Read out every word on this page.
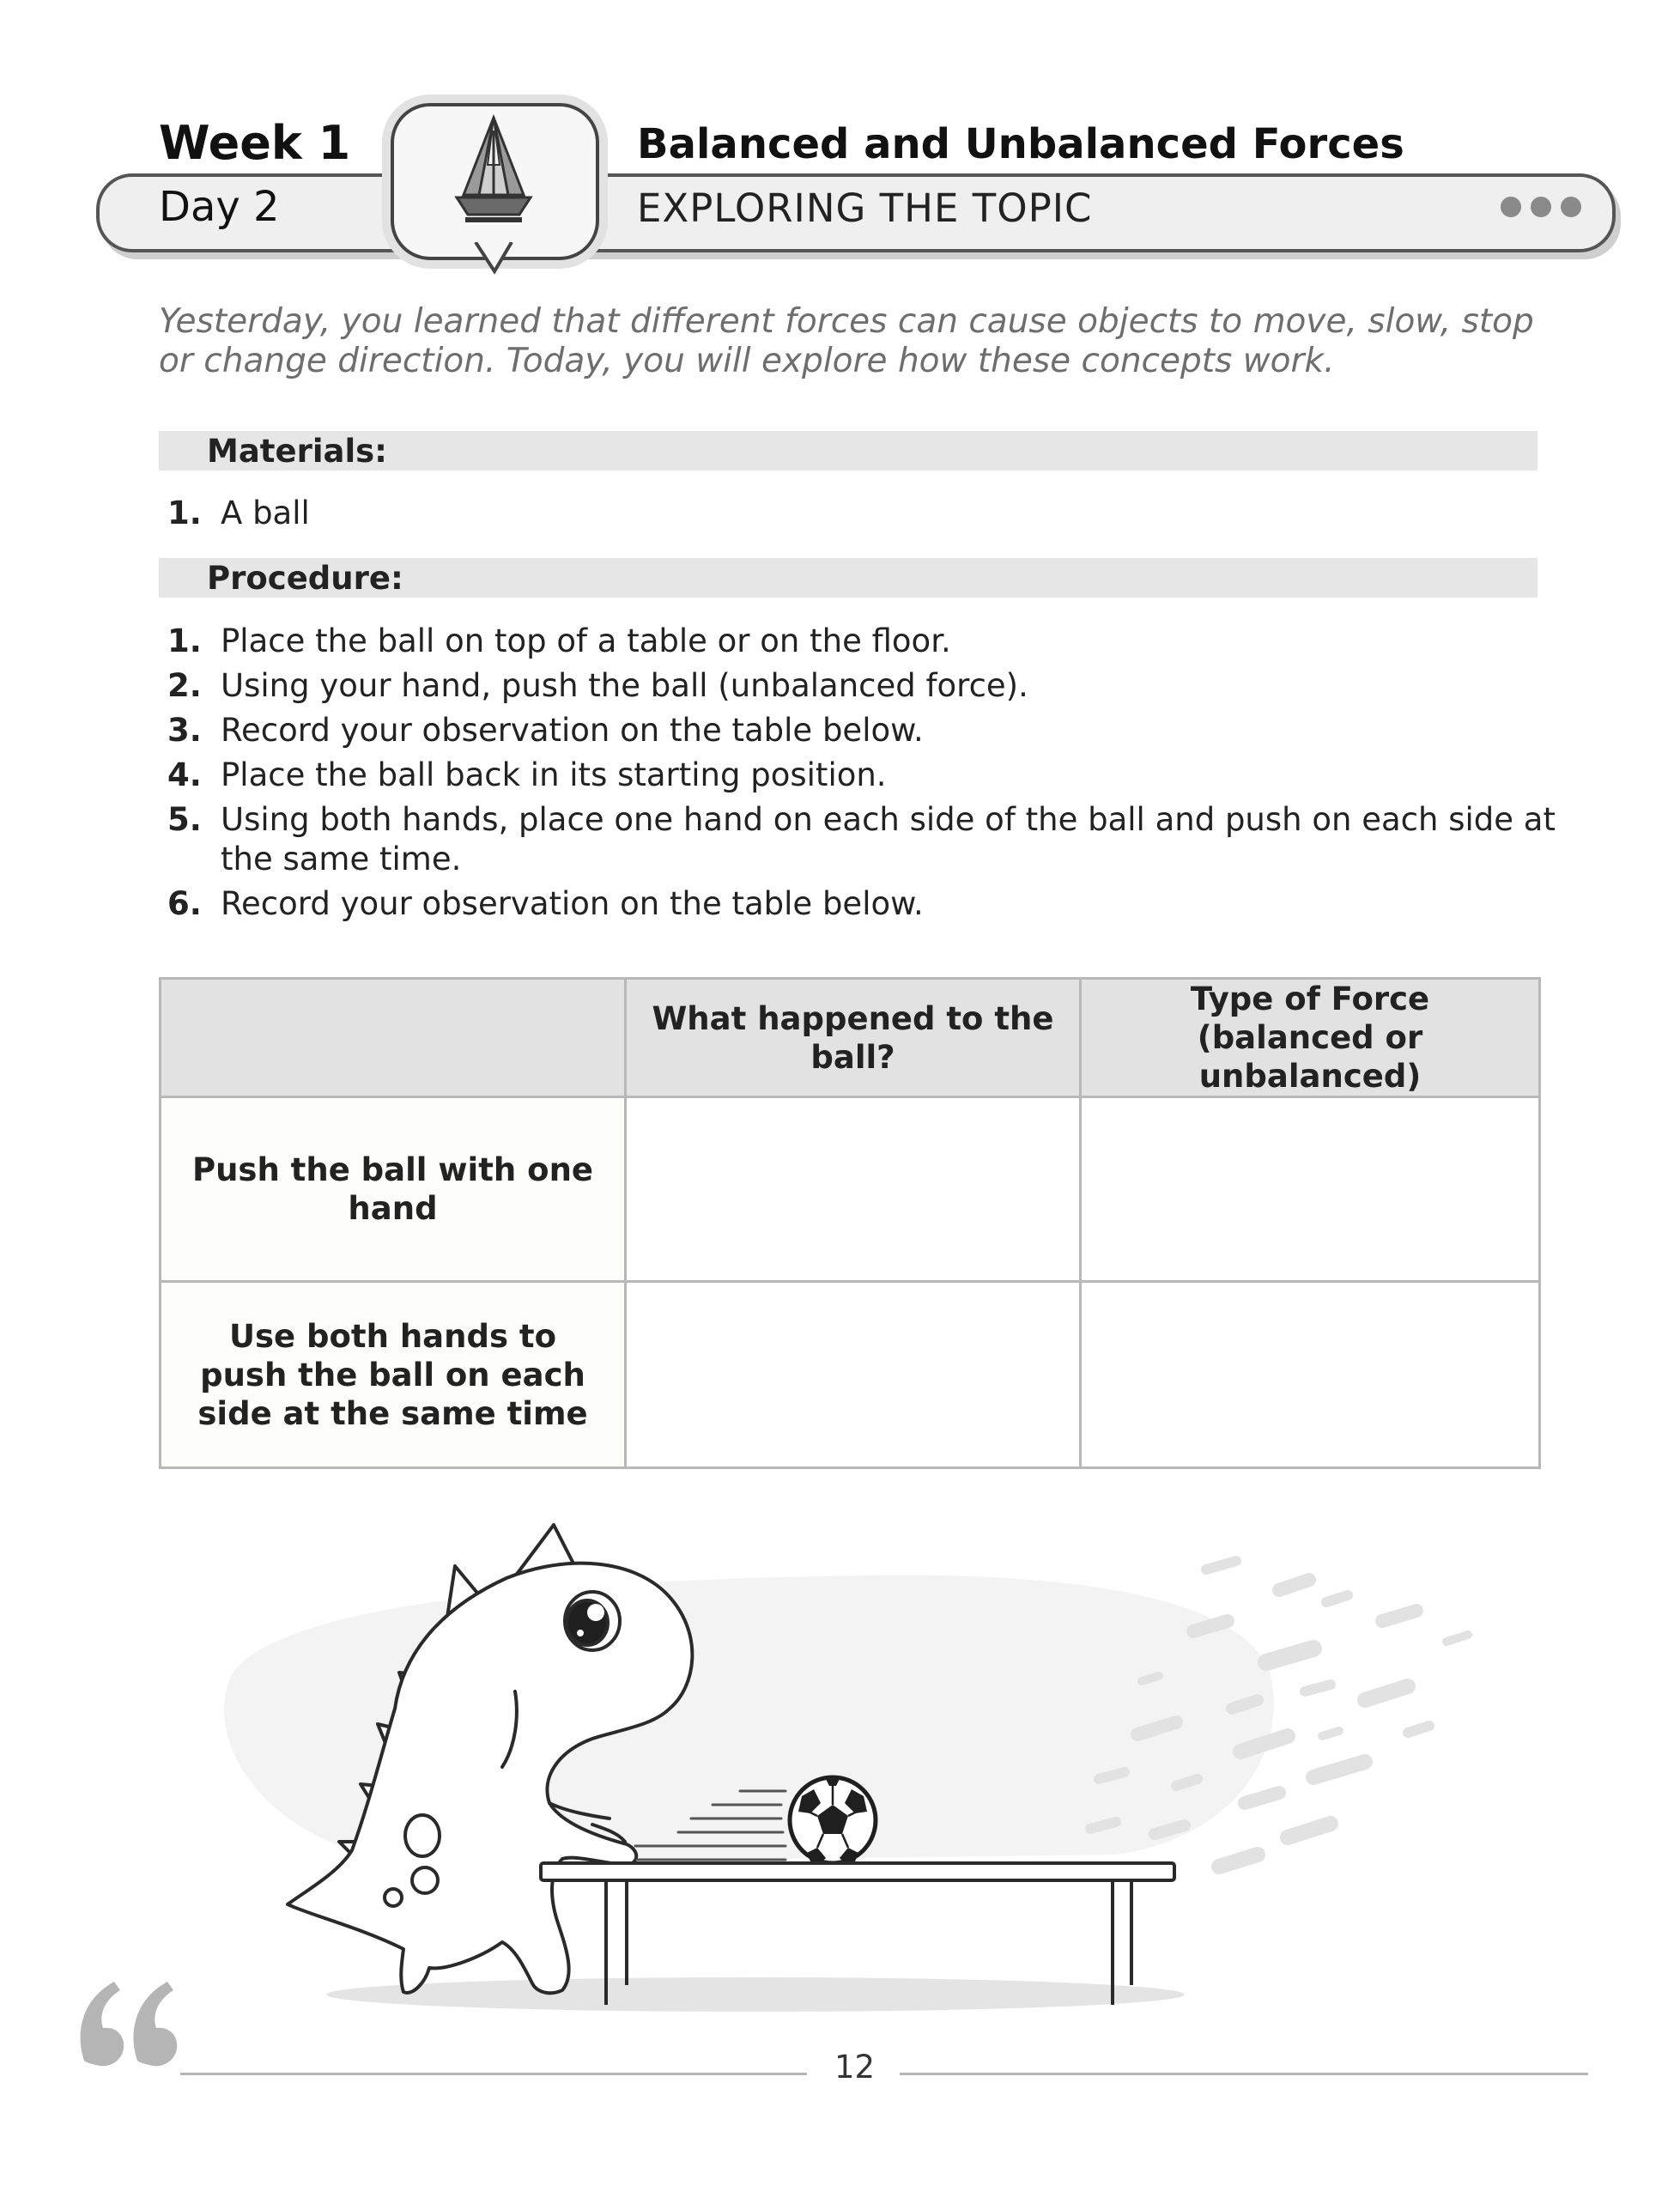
Week 1
Day 2
Balanced and Unbalanced Forces
EXPLORING THE TOPIC
Yesterday, you learned that different forces can cause objects to move, slow, stop or change direction. Today, you will explore how these concepts work.
Materials:
1. A ball
Procedure:
1. Place the ball on top of a table or on the floor.
2. Using your hand, push the ball (unbalanced force).
3. Record your observation on the table below.
4. Place the ball back in its starting position.
5. Using both hands, place one hand on each side of the ball and push on each side at the same time.
6. Record your observation on the table below.
	What happened to the ball?	Type of Force (balanced or unbalanced)
Push the ball with one hand		
Use both hands to push the ball on each side at the same time		
12
